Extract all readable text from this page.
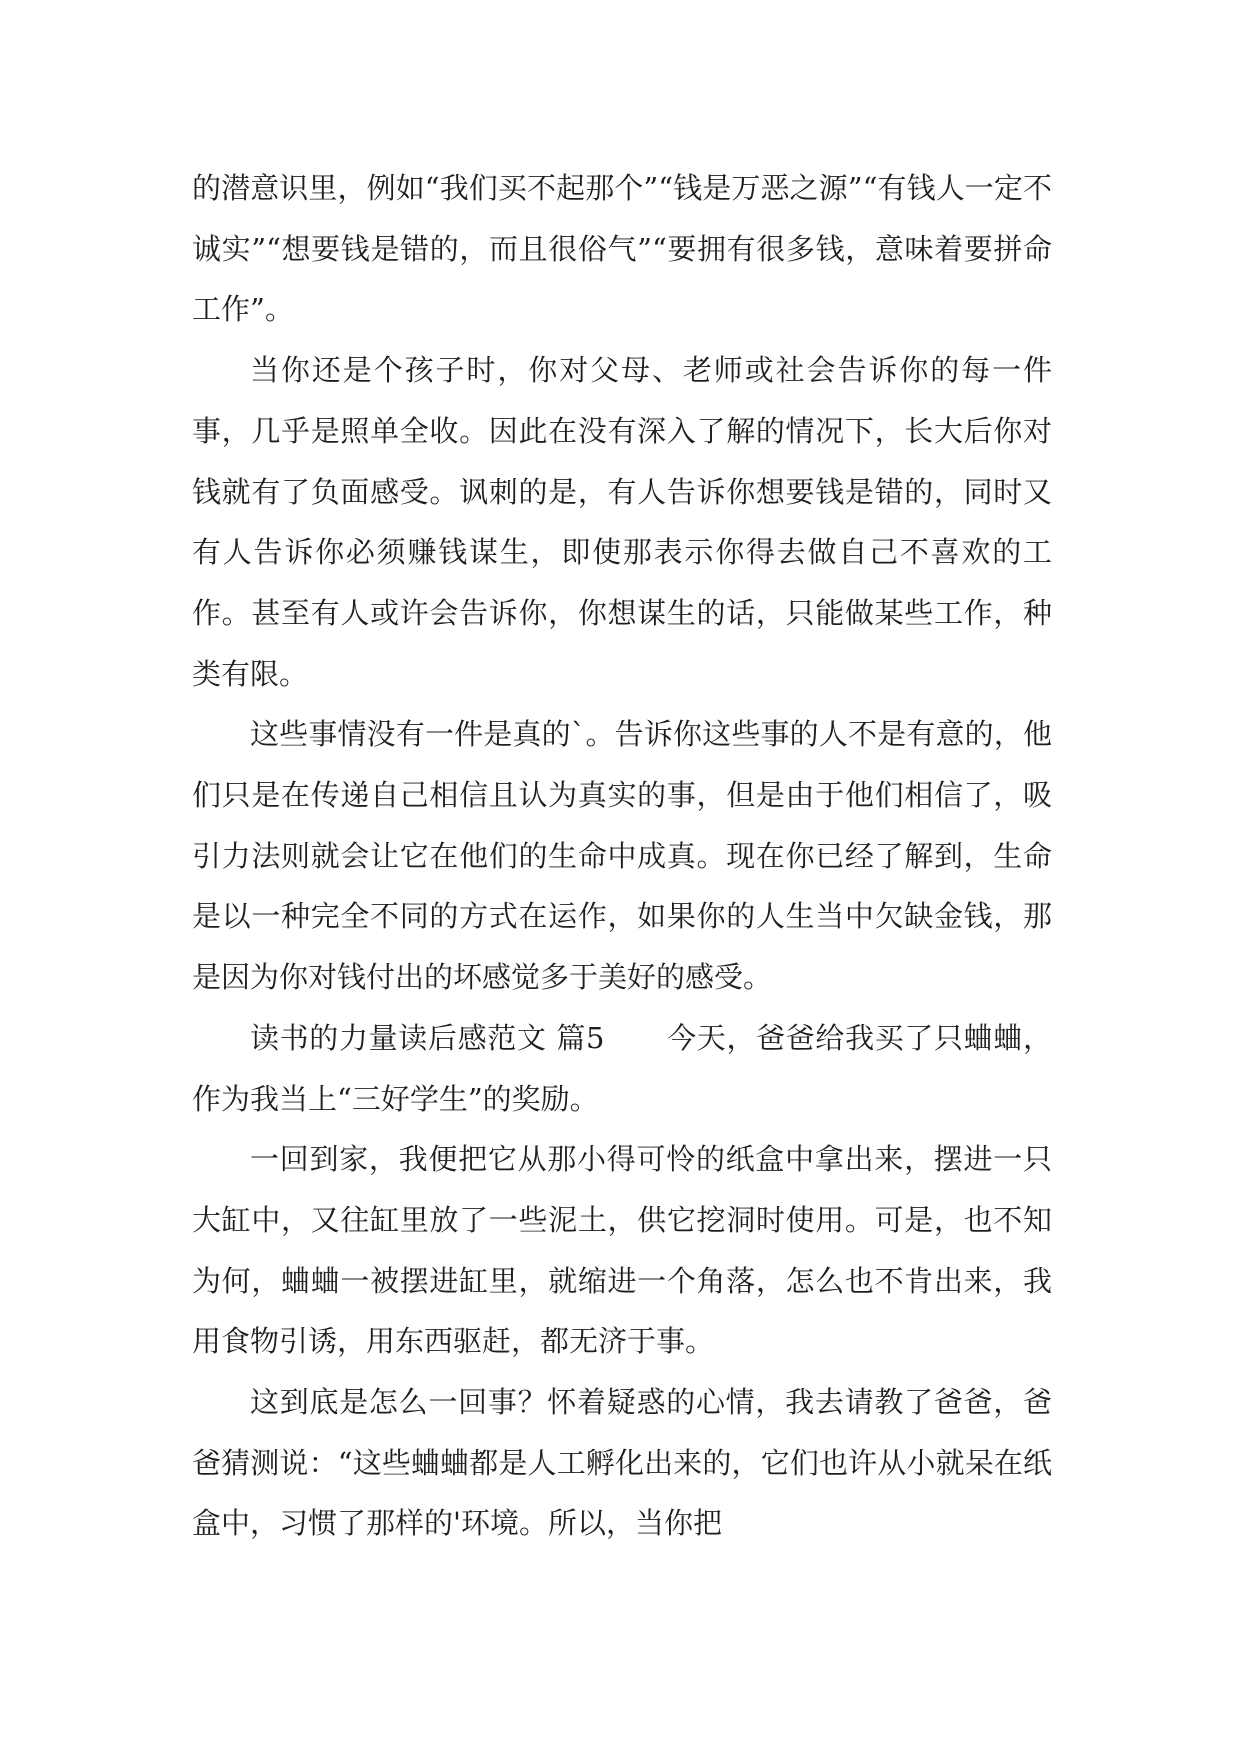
的潜意识里，例如“我们买不起那个”“钱是万恶之源”“有钱人一定不诚实”“想要钱是错的，而且很俗气”“要拥有很多钱，意味着要拼命工作”。

当你还是个孩子时，你对父母、老师或社会告诉你的每一件事，几乎是照单全收。因此在没有深入了解的情况下，长大后你对钱就有了负面感受。讽刺的是，有人告诉你想要钱是错的，同时又有人告诉你必须赚钱谋生，即使那表示你得去做自己不喜欢的工作。甚至有人或许会告诉你，你想谋生的话，只能做某些工作，种类有限。

这些事情没有一件是真的`。告诉你这些事的人不是有意的，他们只是在传递自己相信且认为真实的事，但是由于他们相信了，吸引力法则就会让它在他们的生命中成真。现在你已经了解到，生命是以一种完全不同的方式在运作，如果你的人生当中欠缺金钱，那是因为你对钱付出的坏感觉多于美好的感受。

读书的力量读后感范文 篇5 今天，爸爸给我买了只蛐蛐，作为我当上“三好学生”的奖励。

一回到家，我便把它从那小得可怜的纸盒中拿出来，摆进一只大缸中，又往缸里放了一些泥土，供它挖洞时使用。可是，也不知为何，蛐蛐一被摆进缸里，就缩进一个角落，怎么也不肯出来，我用食物引诱，用东西驱赶，都无济于事。

这到底是怎么一回事？怀着疑惑的心情，我去请教了爸爸，爸爸猜测说：“这些蛐蛐都是人工孵化出来的，它们也许从小就呆在纸盒中，习惯了那样的'环境。所以，当你把
